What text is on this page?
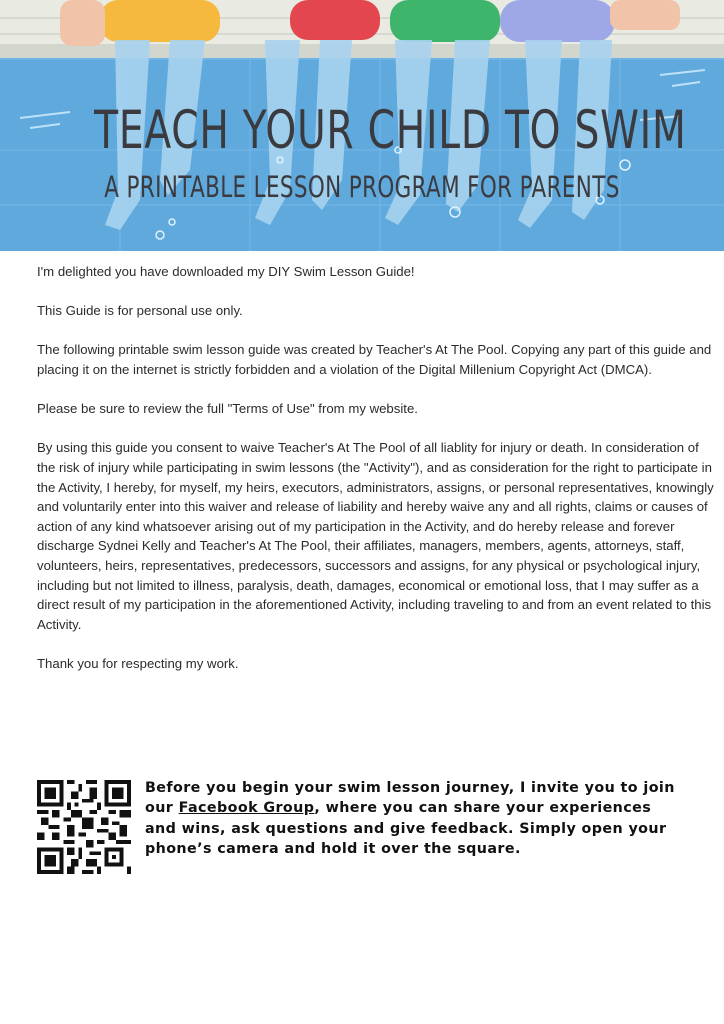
TEACH YOUR CHILD TO SWIM
A PRINTABLE LESSON PROGRAM FOR PARENTS

I'm delighted you have downloaded my DIY Swim Lesson Guide!

This Guide is for personal use only.

The following printable swim lesson guide was created by Teacher's At The Pool. Copying any part of this guide and placing it on the internet is strictly forbidden and a violation of the Digital Millenium Copyright Act (DMCA).

Please be sure to review the full "Terms of Use" from my website.

By using this guide you consent to waive Teacher's At The Pool of all liablity for injury or death. In consideration of the risk of injury while participating in swim lessons (the "Activity"), and as consideration for the right to participate in the Activity, I hereby, for myself, my heirs, executors, administrators, assigns, or personal representatives, knowingly and voluntarily enter into this waiver and release of liability and hereby waive any and all rights, claims or causes of action of any kind whatsoever arising out of my participation in the Activity, and do hereby release and forever discharge Sydnei Kelly and Teacher's At The Pool, their affiliates, managers, members, agents, attorneys, staff, volunteers, heirs, representatives, predecessors, successors and assigns, for any physical or psychological injury, including but not limited to illness, paralysis, death, damages, economical or emotional loss, that I may suffer as a direct result of my participation in the aforementioned Activity, including traveling to and from an event related to this Activity.

Thank you for respecting my work.

Before you begin your swim lesson journey, I invite you to join our Facebook Group, where you can share your experiences and wins, ask questions and give feedback. Simply open your phone’s camera and hold it over the square.
